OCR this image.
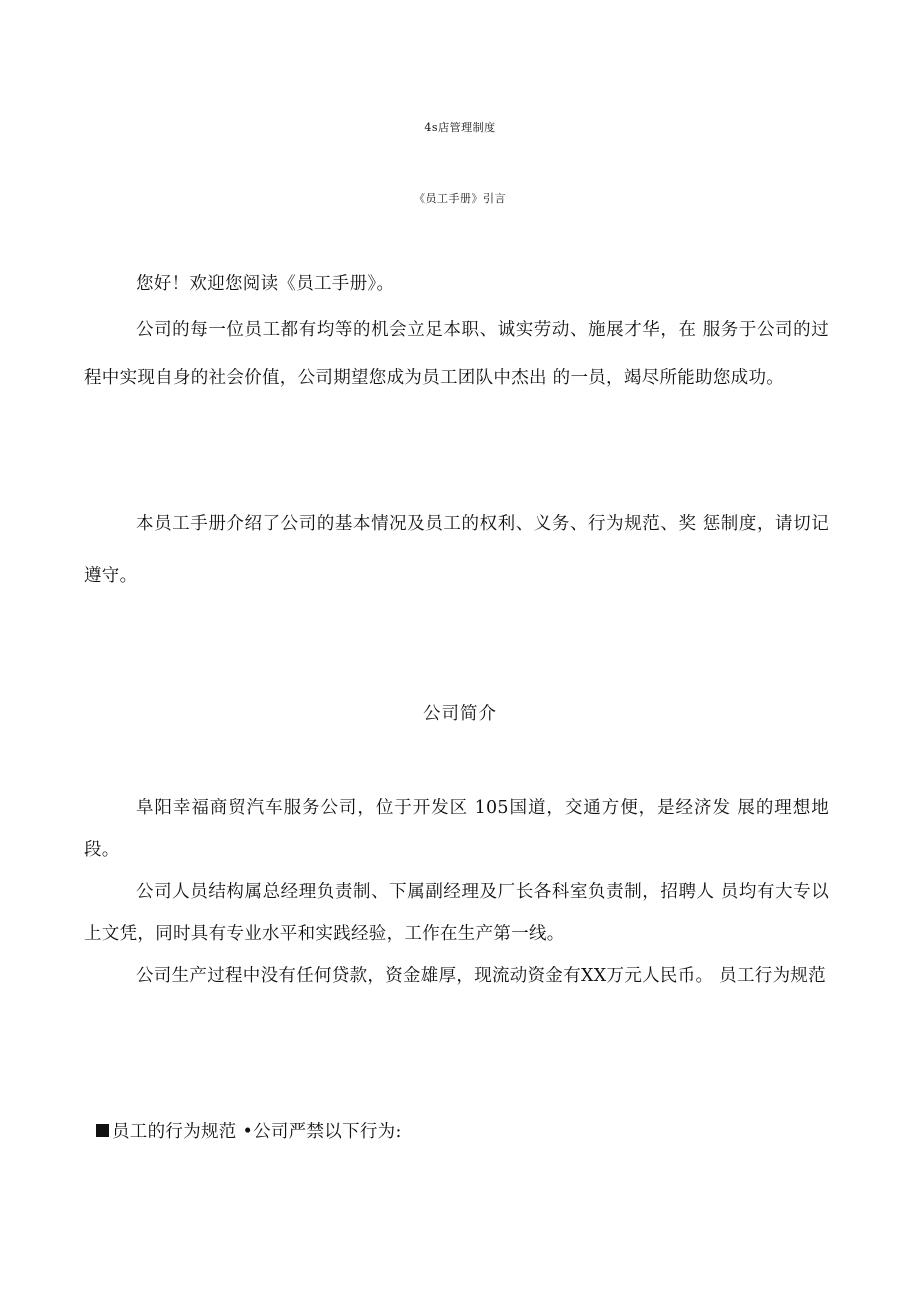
4s店管理制度
《员工手册》引言
您好！欢迎您阅读《员工手册》。
公司的每一位员工都有均等的机会立足本职、诚实劳动、施展才华，在 服务于公司的过程中实现自身的社会价值，公司期望您成为员工团队中杰出 的一员，竭尽所能助您成功。
本员工手册介绍了公司的基本情况及员工的权利、义务、行为规范、奖 惩制度，请切记遵守。
公司简介
阜阳幸福商贸汽车服务公司，位于开发区 105国道，交通方便，是经济发 展的理想地段。
公司人员结构属总经理负责制、下属副经理及厂长各科室负责制，招聘人 员均有大专以上文凭，同时具有专业水平和实践经验，工作在生产第一线。
公司生产过程中没有任何贷款，资金雄厚，现流动资金有XX万元人民币。 员工行为规范
员工的行为规范 •公司严禁以下行为:
